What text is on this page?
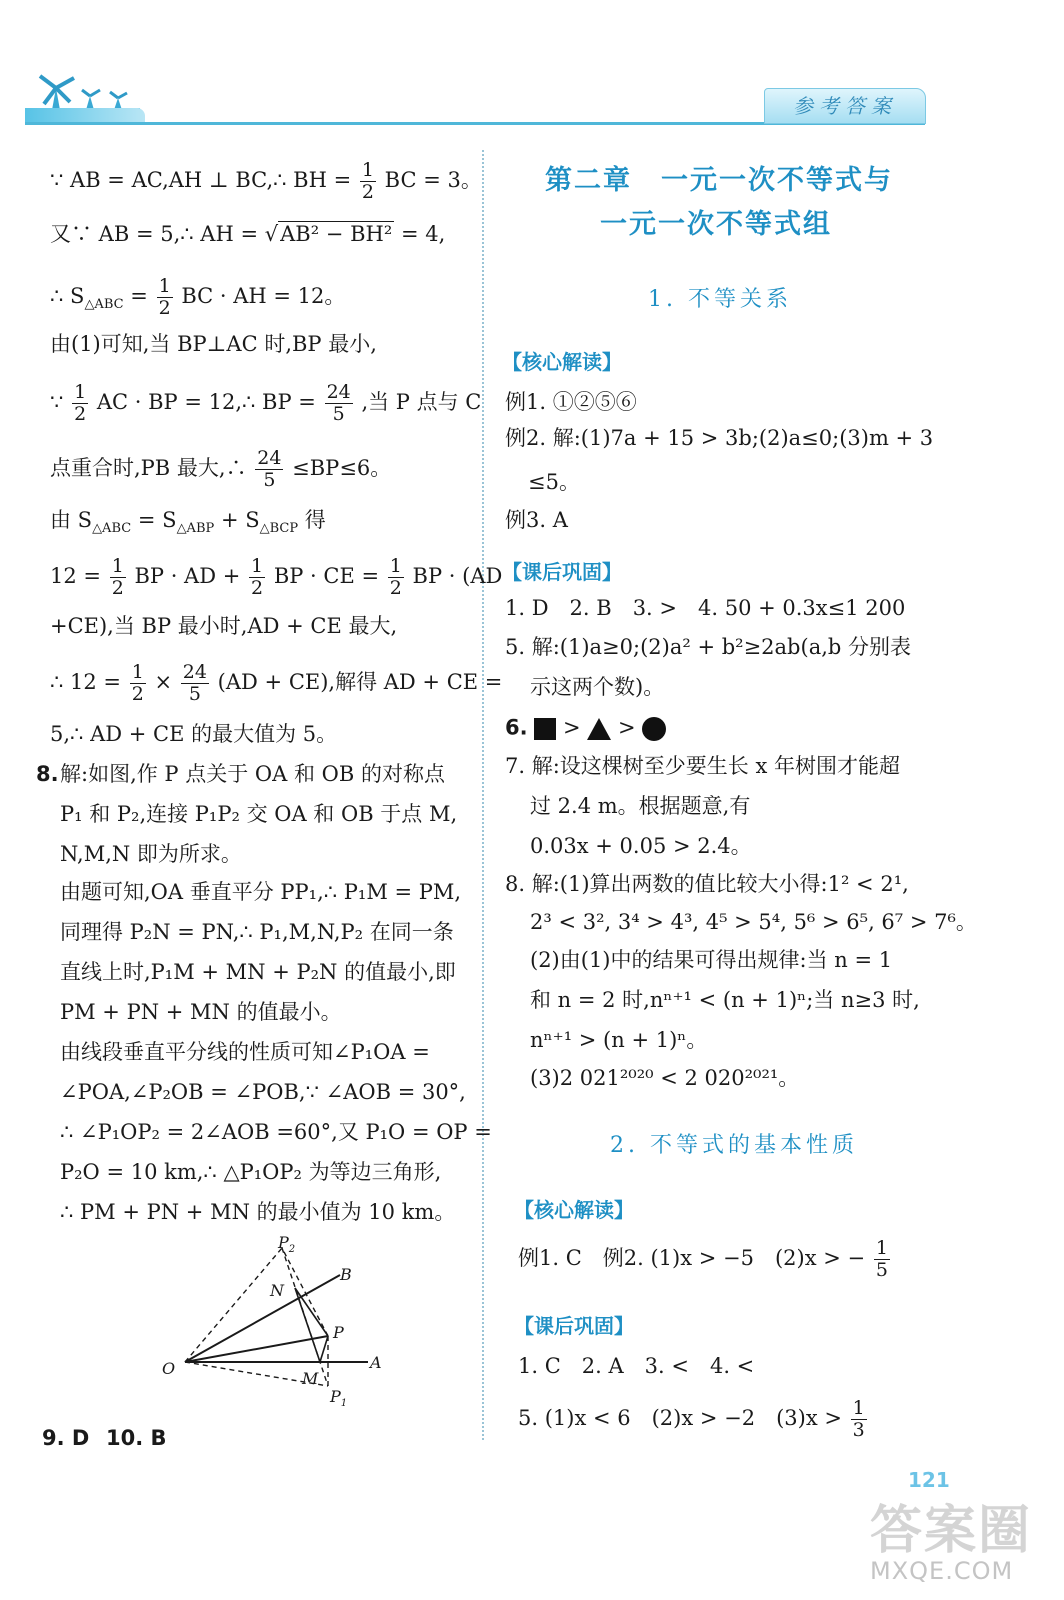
参考答案
∵ AB = AC,AH ⊥ BC,∴ BH = $\frac{1}{2}$ BC = 3。
又∵ AB = 5,∴ AH = √AB² − BH² = 4,
∴ $S_{\triangle ABC} = \frac{1}{2}$ BC · AH = 12。
由(1)可知,当 BP⊥AC 时,BP 最小,
∵ $\frac{1}{2}$ AC · BP = 12,∴ BP = $\frac{24}{5}$ ,当 P 点与 C
点重合时,PB 最大,∴ $\frac{24}{5} \le BP\le 6$。
由 $S_{\triangle ABC} = S_{\triangle ABP} + S_{\triangle BCP}$ 得
$12 = \frac{1}{2}$ BP · AD + $\frac{1}{2}$ BP · CE = $\frac{1}{2}$ BP · (AD
+CE),当 BP 最小时,AD + CE 最大,
∴ $12 = \frac{1}{2} \times \frac{24}{5} (AD + CE)$,解得 AD + CE =
5,∴ AD + CE 的最大值为 5。
8. 解:如图,作 P 点关于 OA 和 OB 的对称点
P₁ 和 P₂,连接 P₁P₂ 交 OA 和 OB 于点 M,
N,M,N 即为所求。
由题可知,OA 垂直平分 PP₁,∴ P₁M = PM,
同理得 P₂N = PN,∴ P₁,M,N,P₂ 在同一条
直线上时,P₁M + MN + P₂N 的值最小,即
PM + PN + MN 的值最小。
由线段垂直平分线的性质可知∠P₁OA =
∠POA,∠P₂OB = ∠POB,∵ ∠AOB = 30°,
∴ ∠P₁OP₂ = 2∠AOB =60°,又 P₁O = OP =
P₂O = 10 km,∴ △P₁OP₂ 为等边三角形,
∴ PM + PN + MN 的最小值为 10 km。
9. D 10. B
O	A
B
P
N
M
$P_2$
$P_1$
第二章　一元一次不等式与
一元一次不等式组
1. 不等关系
【核心解读】
例1. ①②⑤⑥
例2. 解:(1)7a + 15 > 3b;(2)a≤0;(3)m + 3
≤5。
例3. A
【课后巩固】
1. D　2. B　3. >　4. 50 + 0.3x≤1 200
5. 解:(1)a≥0;(2)a² + b²≥2ab(a,b 分别表
示这两个数)。
6. > >
7. 解:设这棵树至少要生长 x 年树围才能超
过 2.4 m。根据题意,有
0.03x + 0.05 > 2.4。
8. 解:(1)算出两数的值比较大小得:1² < 2¹,
2³ < 3², 3⁴ > 4³, 4⁵ > 5⁴, 5⁶ > 6⁵, 6⁷ > 7⁶。
(2)由(1)中的结果可得出规律:当 n = 1
和 n = 2 时,nⁿ⁺¹ < (n + 1)ⁿ;当 n≥3 时,
nⁿ⁺¹ > (n + 1)ⁿ。
(3)2 021²⁰²⁰ < 2 020²⁰²¹。
2. 不等式的基本性质
【核心解读】
例1. C　例2. (1)x > −5　(2)x > − $\frac{1}{5}$
【课后巩固】
1. C　2. A　3. <　4. <
5. (1)x < 6　(2)x > −2　$(3)x > \frac{1}{3}$
121
答案圈
MXQE.COM
